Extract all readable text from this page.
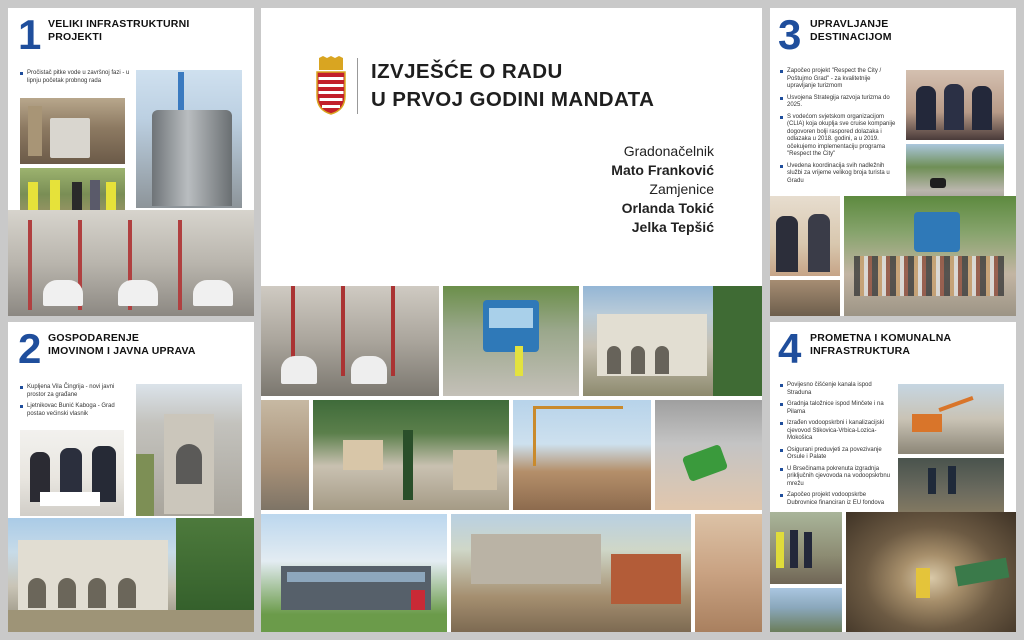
1 VELIKI INFRASTRUKTURNI
PROJEKTI
Pročistač pitke vode u završnoj fazi - u lipnju početak probnog rada
2 GOSPODARENJE
IMOVINOM I JAVNA UPRAVA
Kupljena Vila Čingrija - novi javni prostor za građane
Ljetnikovac Bunić Kaboga - Grad postao većinski vlasnik
IZVJEŠĆE O RADU
U PRVOJ GODINI MANDATA
Gradonačelnik
Mato Franković
Zamjenice
Orlanda Tokić
Jelka Tepšić
3 UPRAVLJANJE
DESTINACIJOM
Započeo projekt "Respect the City / Poštujmo Grad" - za kvalitetnije upravljanje turizmom
Usvojena Strategija razvoja turizma do 2025.
S vodećom svjetskom organizacijom (CLIA) koja okuplja sve cruise kompanije dogovoren bolji raspored dolazaka i odlazaka u 2018. godini, a u 2019. očekujemo implementaciju programa "Respect the City"
Uvedena koordinacija svih nadležnih službi za vrijeme velikog broja turista u Gradu
4 PROMETNA I KOMUNALNA
INFRASTRUKTURA
Povijesno čišćenje kanala ispod Straduna
Gradnja taložnice ispod Minčete i na Pilama
Izrađen vodoopskrbni i kanalizacijski cjevovod Stikovica-Vrbica-Lozica-Mokošica
Osigurani preduvjeti za povezivanje Orsule i Palate
U Brsečinama pokrenuta izgradnja priključnih cjevovoda na vodoopskrbnu mrežu
Započeo projekt vodoopskrbe Dubrovnice financiran iz EU fondova
